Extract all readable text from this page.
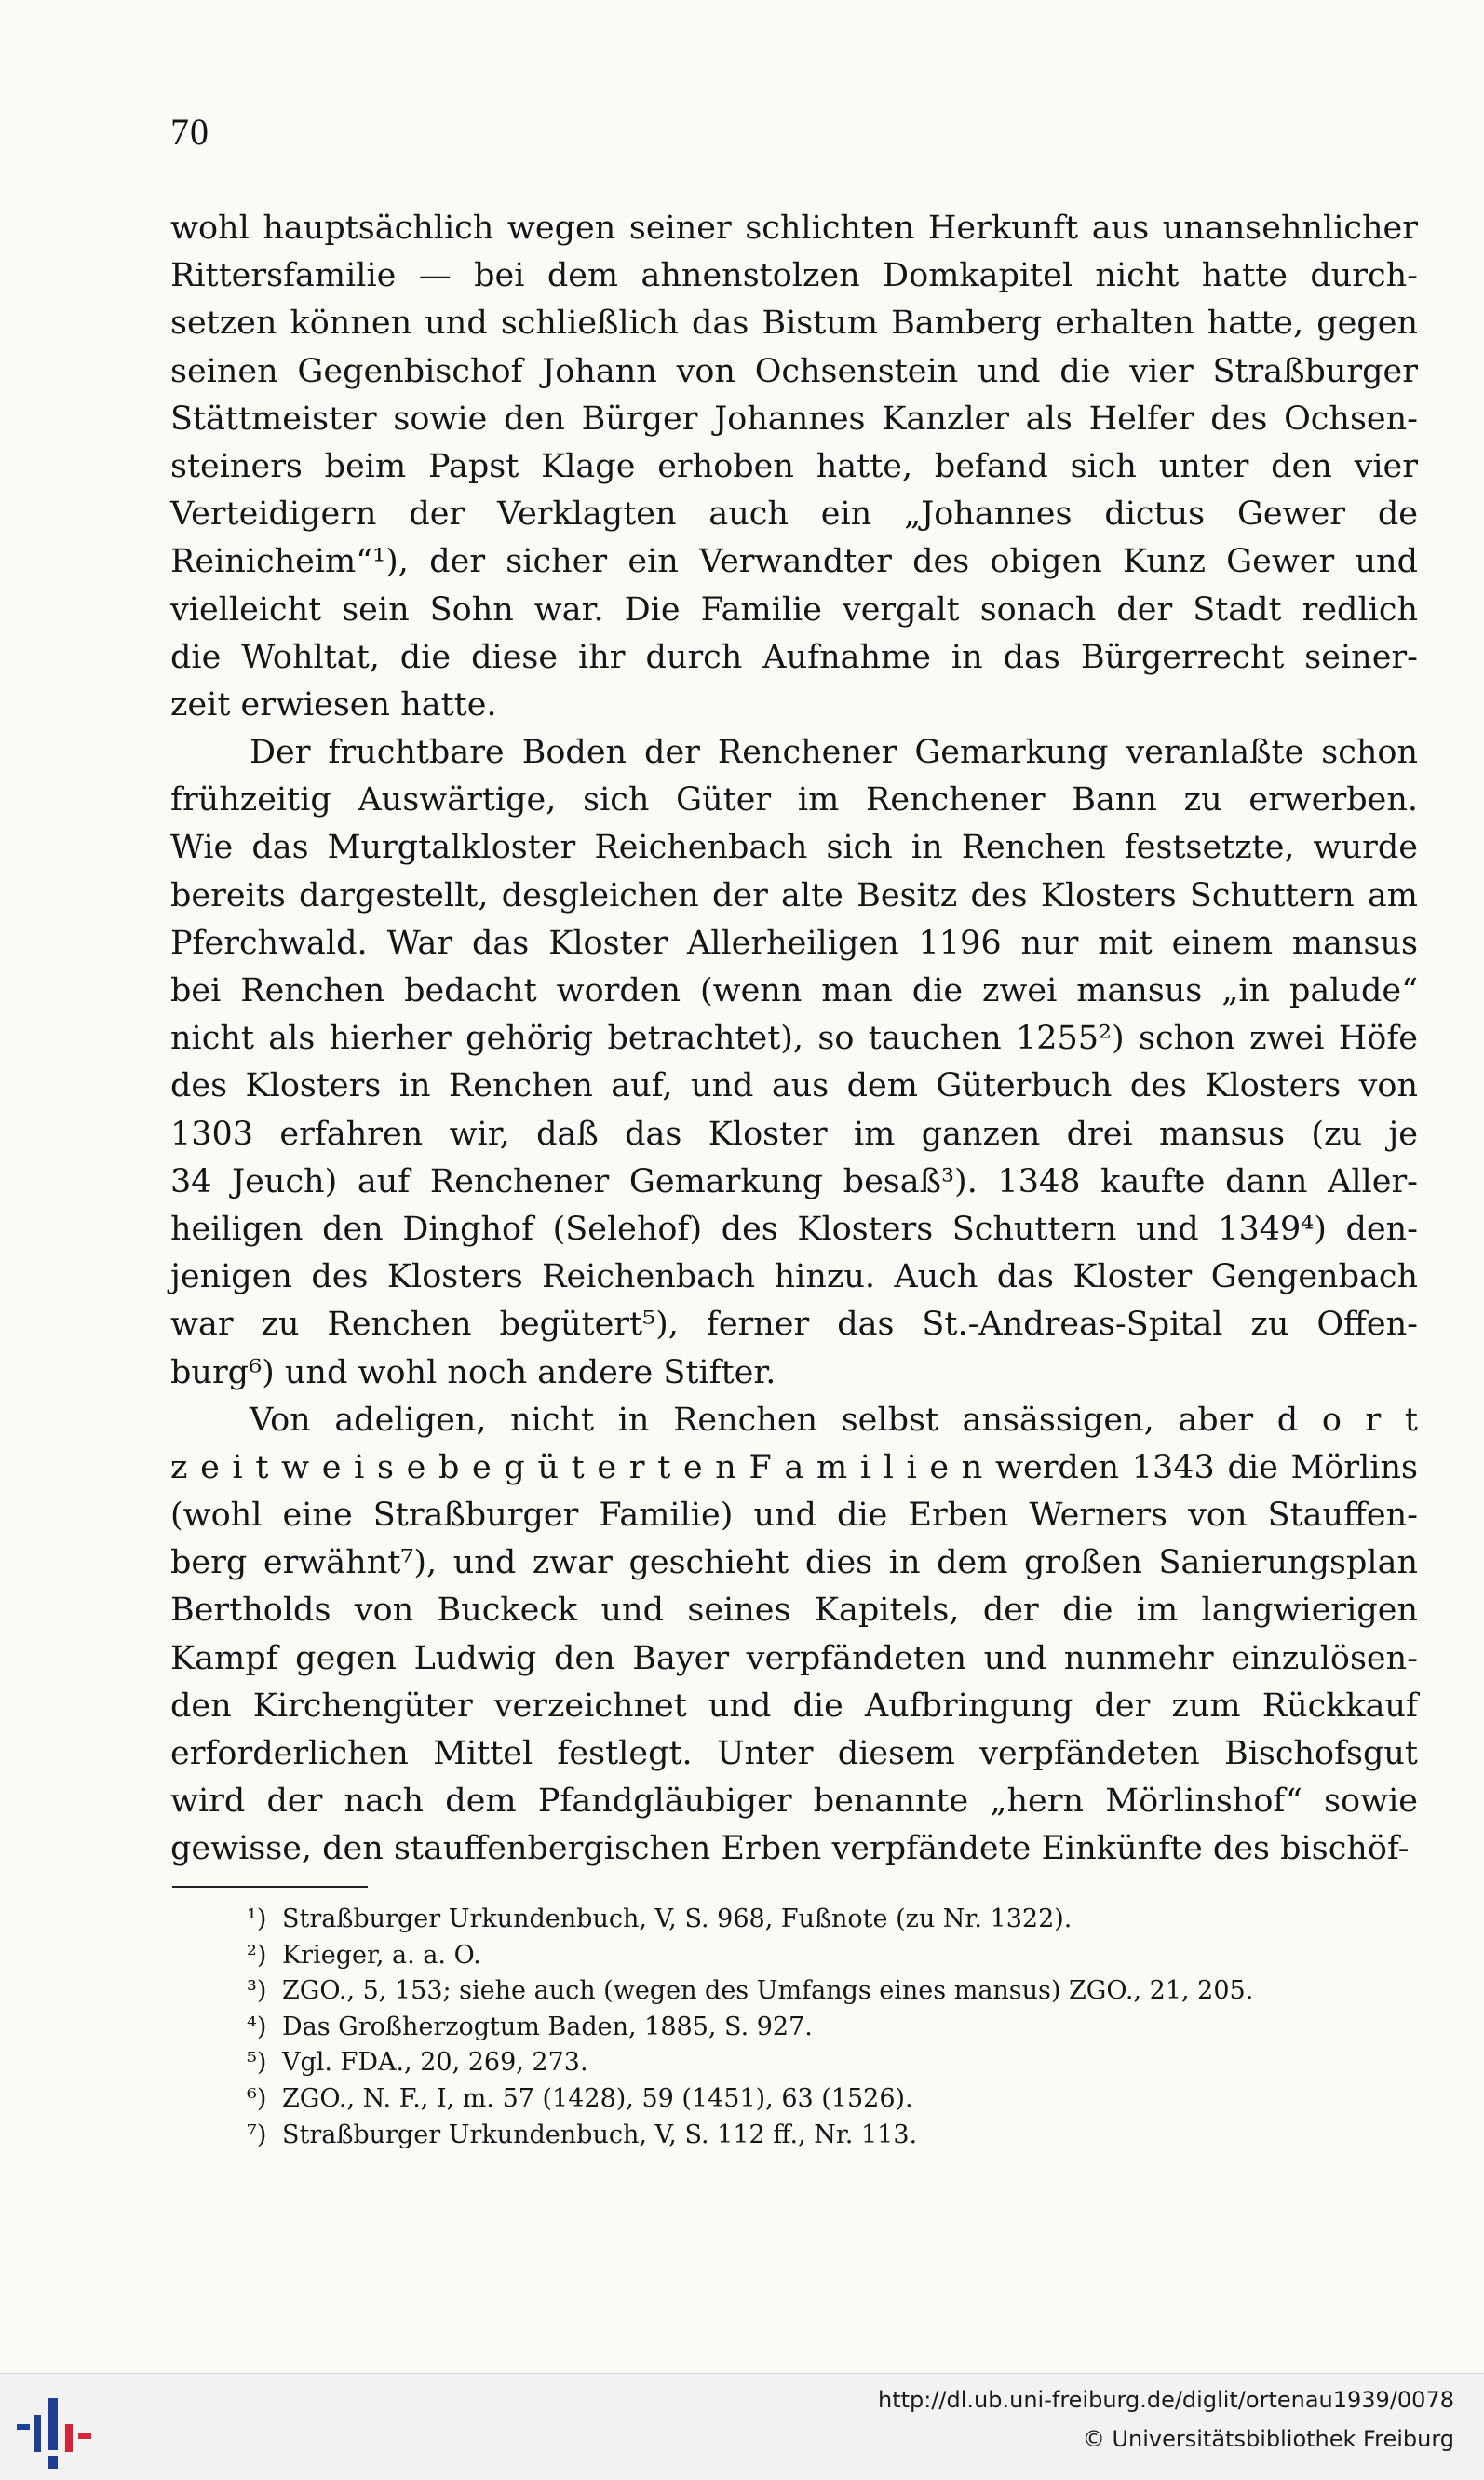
70
wohl hauptsächlich wegen seiner schlichten Herkunft aus unansehnlicher
Rittersfamilie — bei dem ahnenstolzen Domkapitel nicht hatte durch-
setzen können und schließlich das Bistum Bamberg erhalten hatte, gegen
seinen Gegenbischof Johann von Ochsenstein und die vier Straßburger
Stättmeister sowie den Bürger Johannes Kanzler als Helfer des Ochsen-
steiners beim Papst Klage erhoben hatte, befand sich unter den vier
Verteidigern der Verklagten auch ein „Johannes dictus Gewer de
Reinicheim“¹), der sicher ein Verwandter des obigen Kunz Gewer und
vielleicht sein Sohn war. Die Familie vergalt sonach der Stadt redlich
die Wohltat, die diese ihr durch Aufnahme in das Bürgerrecht seiner-
zeit erwiesen hatte.
Der fruchtbare Boden der Renchener Gemarkung veranlaßte schon
frühzeitig Auswärtige, sich Güter im Renchener Bann zu erwerben.
Wie das Murgtalkloster Reichenbach sich in Renchen festsetzte, wurde
bereits dargestellt, desgleichen der alte Besitz des Klosters Schuttern am
Pferchwald. War das Kloster Allerheiligen 1196 nur mit einem mansus
bei Renchen bedacht worden (wenn man die zwei mansus „in palude“
nicht als hierher gehörig betrachtet), so tauchen 1255²) schon zwei Höfe
des Klosters in Renchen auf, und aus dem Güterbuch des Klosters von
1303 erfahren wir, daß das Kloster im ganzen drei mansus (zu je
34 Jeuch) auf Renchener Gemarkung besaß³). 1348 kaufte dann Aller-
heiligen den Dinghof (Selehof) des Klosters Schuttern und 1349⁴) den-
jenigen des Klosters Reichenbach hinzu. Auch das Kloster Gengenbach
war zu Renchen begütert⁵), ferner das St.-Andreas-Spital zu Offen-
burg⁶) und wohl noch andere Stifter.
Von adeligen, nicht in Renchen selbst ansässigen, aber d o r t
z e i t w e i s e b e g ü t e r t e n F a m i l i e n werden 1343 die Mörlins
(wohl eine Straßburger Familie) und die Erben Werners von Stauffen-
berg erwähnt⁷), und zwar geschieht dies in dem großen Sanierungsplan
Bertholds von Buckeck und seines Kapitels, der die im langwierigen
Kampf gegen Ludwig den Bayer verpfändeten und nunmehr einzulösen-
den Kirchengüter verzeichnet und die Aufbringung der zum Rückkauf
erforderlichen Mittel festlegt. Unter diesem verpfändeten Bischofsgut
wird der nach dem Pfandgläubiger benannte „hern Mörlinshof“ sowie
gewisse, den stauffenbergischen Erben verpfändete Einkünfte des bischöf-
¹) Straßburger Urkundenbuch, V, S. 968, Fußnote (zu Nr. 1322).
²) Krieger, a. a. O.
³) ZGO., 5, 153; siehe auch (wegen des Umfangs eines mansus) ZGO., 21, 205.
⁴) Das Großherzogtum Baden, 1885, S. 927.
⁵) Vgl. FDA., 20, 269, 273.
⁶) ZGO., N. F., I, m. 57 (1428), 59 (1451), 63 (1526).
⁷) Straßburger Urkundenbuch, V, S. 112 ff., Nr. 113.
http://dl.ub.uni-freiburg.de/diglit/ortenau1939/0078
© Universitätsbibliothek Freiburg
